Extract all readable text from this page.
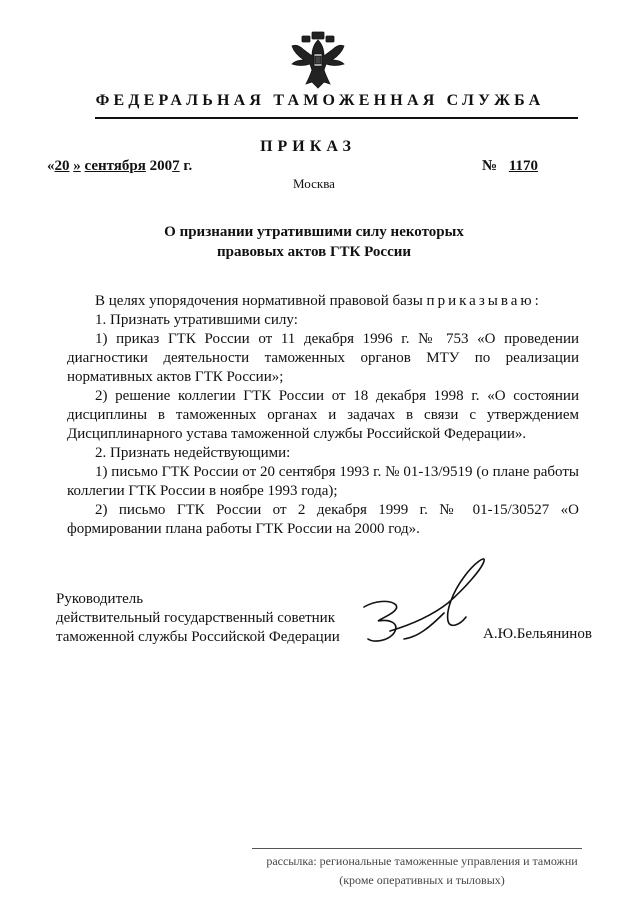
ФЕДЕРАЛЬНАЯ ТАМОЖЕННАЯ СЛУЖБА
ПРИКАЗ
«20 » сентября 2007 г.	№ 1170
Москва
О признании утратившими силу некоторых
правовых актов ГТК России

В целях упорядочения нормативной правовой базы приказываю:

1. Признать утратившими силу:

1) приказ ГТК России от 11 декабря 1996 г. № 753 «О проведении диагностики деятельности таможенных органов МТУ по реализации нормативных актов ГТК России»;

2) решение коллегии ГТК России от 18 декабря 1998 г. «О состоянии дисциплины в таможенных органах и задачах в связи с утверждением Дисциплинарного устава таможенной службы Российской Федерации».

2. Признать недействующими:

1) письмо ГТК России от 20 сентября 1993 г. № 01-13/9519 (о плане работы коллегии ГТК России в ноябре 1993 года);

2) письмо ГТК России от 2 декабря 1999 г. № 01-15/30527 «О формировании плана работы ГТК России на 2000 год».

Руководитель
действительный государственный советник
таможенной службы Российской Федерации	А.Ю.Бельянинов
рассылка: региональные таможенные управления и таможни
(кроме оперативных и тыловых)
